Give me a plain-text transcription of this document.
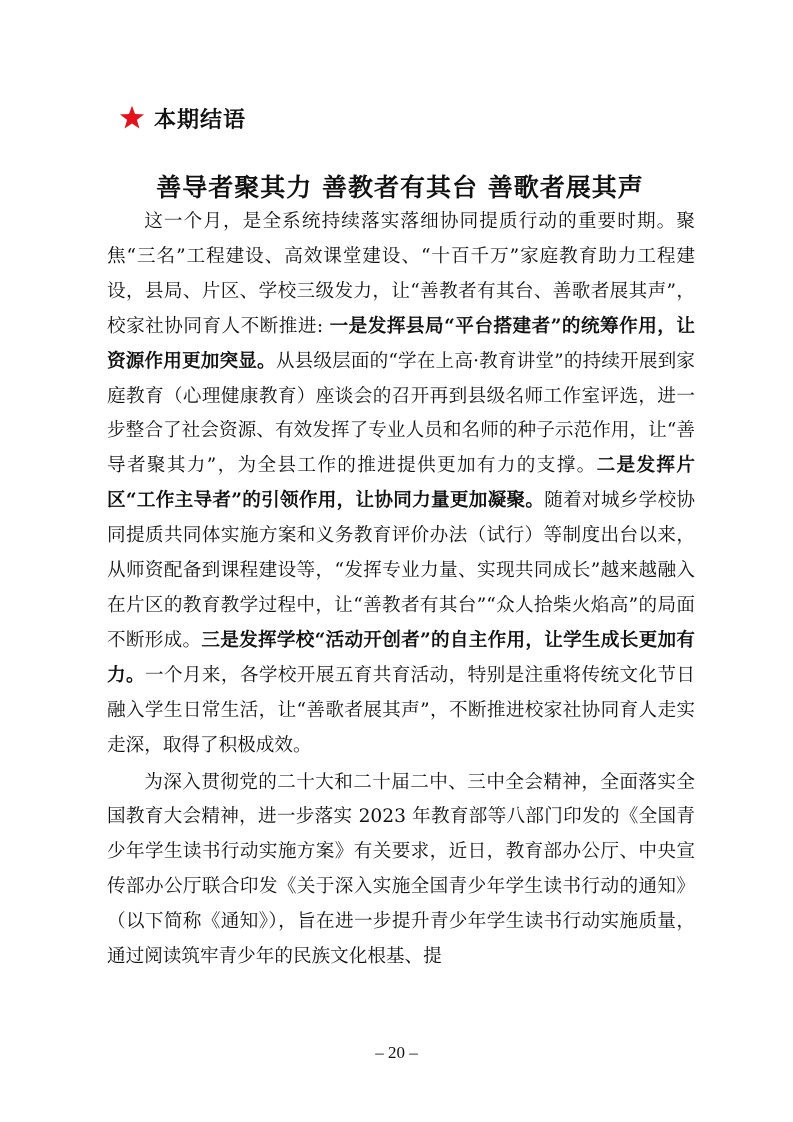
本期结语
善导者聚其力 善教者有其台 善歌者展其声

这一个月，是全系统持续落实落细协同提质行动的重要时期。聚焦“三名”工程建设、高效课堂建设、“十百千万”家庭教育助力工程建设，县局、片区、学校三级发力，让“善教者有其台、善歌者展其声”， 校家社协同育人不断推进: 一是发挥县局“平台搭建者”的统筹作用，让资源作用更加突显。从县级层面的“学在上高·教育讲堂”的持续开展到家庭教育（心理健康教育）座谈会的召开再到县级名师工作室评选，进一步整合了社会资源、有效发挥了专业人员和名师的种子示范作用，让“善导者聚其力”，为全县工作的推进提供更加有力的支撑。二是发挥片区“工作主导者”的引领作用，让协同力量更加凝聚。随着对城乡学校协同提质共同体实施方案和义务教育评价办法（试行）等制度出台以来，从师资配备到课程建设等，“发挥专业力量、实现共同成长”越来越融入在片区的教育教学过程中，让“善教者有其台”“众人拾柴火焰高”的局面不断形成。三是发挥学校“活动开创者”的自主作用，让学生成长更加有力。一个月来，各学校开展五育共育活动，特别是注重将传统文化节日融入学生日常生活，让“善歌者展其声”，不断推进校家社协同育人走实走深，取得了积极成效。

为深入贯彻党的二十大和二十届二中、三中全会精神，全面落实全国教育大会精神，进一步落实 2023 年教育部等八部门印发的《全国青少年学生读书行动实施方案》有关要求，近日，教育部办公厅、中央宣传部办公厅联合印发《关于深入实施全国青少年学生读书行动的通知》（以下简称《通知》），旨在进一步提升青少年学生读书行动实施质量，通过阅读筑牢青少年的民族文化根基、提

– 20 –
